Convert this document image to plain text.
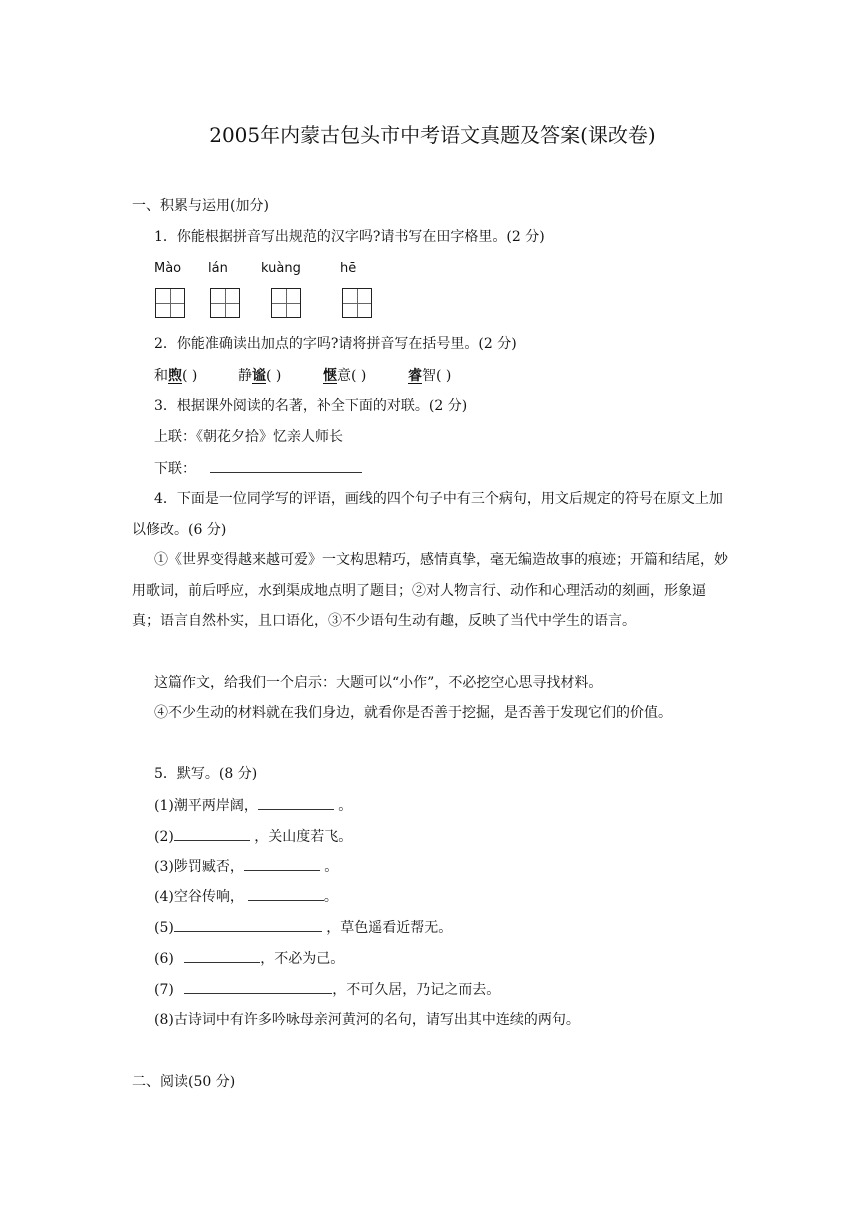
2005年内蒙古包头市中考语文真题及答案(课改卷)
一、积累与运用(加分)
1．你能根据拼音写出规范的汉字吗?请书写在田字格里。(2 分)
Mào lán	kuàng	hē
2．你能准确读出加点的字吗?请将拼音写在括号里。(2 分)
和煦( )	静谧( )	惬意( )	睿智( )
3．根据课外阅读的名著，补全下面的对联。(2 分)
上联：《朝花夕拾》忆亲人师长
下联：
4．下面是一位同学写的评语，画线的四个句子中有三个病句，用文后规定的符号在原文上加以修改。(6 分)
①《世界变得越来越可爱》一文构思精巧，感情真挚，毫无编造故事的痕迹；开篇和结尾，妙用歌词，前后呼应，水到渠成地点明了题目；②对人物言行、动作和心理活动的刻画，形象逼真；语言自然朴实，且口语化，③不少语句生动有趣，反映了当代中学生的语言。
这篇作文，给我们一个启示：大题可以“小作”，不必挖空心思寻找材料。
④不少生动的材料就在我们身边，就看你是否善于挖掘，是否善于发现它们的价值。
5．默写。(8 分)
(1)潮平两岸阔，	。
(2)	，关山度若飞。
(3)陟罚臧否，	。
(4)空谷传响，	。
(5)	，草色遥看近帮无。
(6)	，不必为己。
(7)	，不可久居，乃记之而去。
(8)古诗词中有许多吟咏母亲河黄河的名句，请写出其中连续的两句。
二、阅读(50 分)
